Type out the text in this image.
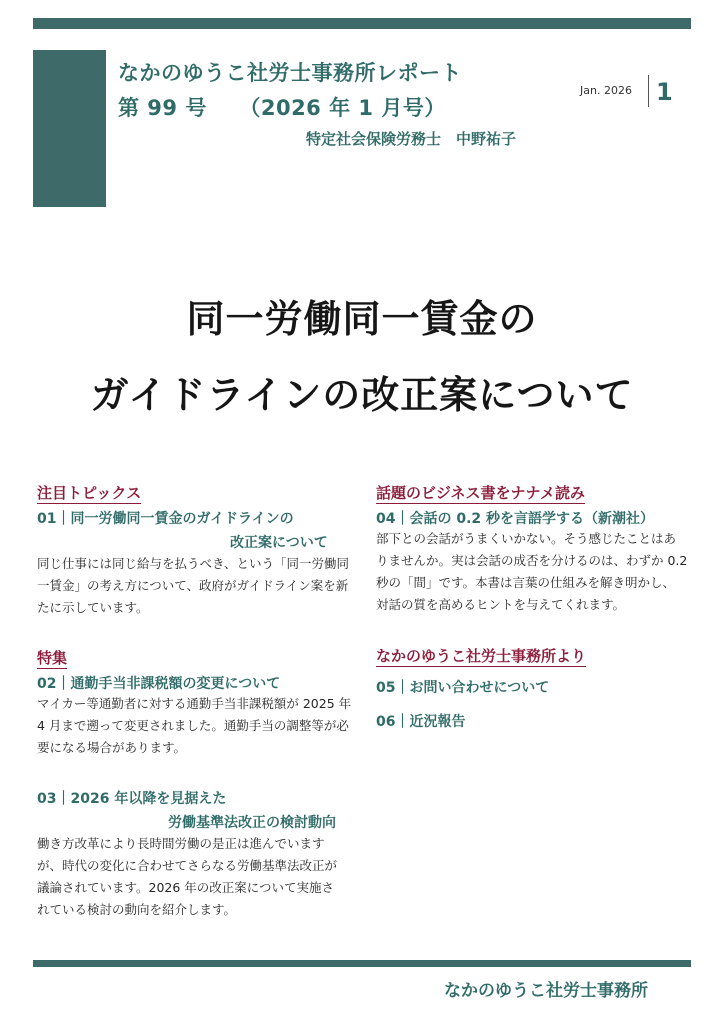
なかのゆうこ社労士事務所レポート
第 99 号　　（2026 年 1 月号）
特定社会保険労務士　中野祐子
Jan. 2026 1
同一労働同一賃金の
ガイドラインの改正案について
注目トピックス
01｜同一労働同一賃金のガイドラインの
改正案について
同じ仕事には同じ給与を払うべき、という「同一労働同
一賃金」の考え方について、政府がガイドライン案を新
たに示しています。
特集
02｜通勤手当非課税額の変更について
マイカー等通勤者に対する通勤手当非課税額が 2025 年
4 月まで遡って変更されました。通勤手当の調整等が必
要になる場合があります。
03｜2026 年以降を見据えた
労働基準法改正の検討動向
働き方改革により長時間労働の是正は進んでいます
が、時代の変化に合わせてさらなる労働基準法改正が
議論されています。2026 年の改正案について実施さ
れている検討の動向を紹介します。
話題のビジネス書をナナメ読み
04｜会話の 0.2 秒を言語学する（新潮社）
部下との会話がうまくいかない。そう感じたことはあ
りませんか。実は会話の成否を分けるのは、わずか 0.2
秒の「間」です。本書は言葉の仕組みを解き明かし、
対話の質を高めるヒントを与えてくれます。
なかのゆうこ社労士事務所より
05｜お問い合わせについて
06｜近況報告
なかのゆうこ社労士事務所
